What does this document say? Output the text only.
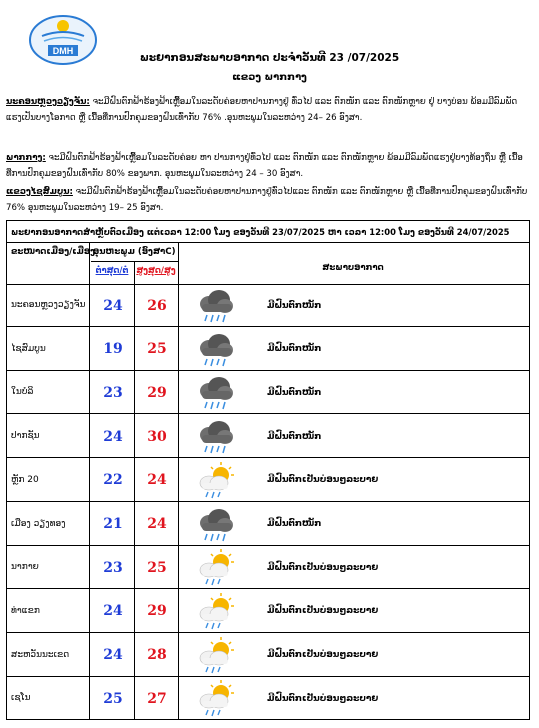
DMH
ພະຍາກອນສະພາບອາກາດ ປະຈຳວັນທີ 23 /07/2025
ແຂວງ ພາກກາງ
ນະຄອນຫຼວງວຽງຈັນ: ຈະມີຝົນຕົກຟ້າຮ້ອງຟ້າເຫຼື້ອມໃນລະດັບຄ່ອຍຫາປານກາງຢູ່ ທົ່ວໄປ ແລະ ຕົກໜັກ ແລະ ຕົກໜັກຫຼາຍ ຢູ່ ບາງບ່ອນ ພ້ອມມີລົມພັດແຮງເປັນບາງໂອກາດ ຫຼື ເນື້ອທີ່ການປົກຄຸມຂອງຝົນເທົ່າກັບ 76% .ອຸນຫະພູມໃນລະຫວ່າງ 24– 26 ອົງສາ.
ພາກກາງ: ຈະມີຝົນຕົກຟ້າຮ້ອງຟ້າເຫຼື້ອມໃນລະດັບຄ່ອຍ ຫາ ປານກາງຢູ່ທົ່ວໄປ ແລະ ຕົກໜັກ ແລະ ຕົກໜັກຫຼາຍ ພ້ອມມີລົມພັດແຮງຢູ່ບາງທ້ອງຖິ່ນ ຫຼື ເນື້ອທີ່ການປົກຄຸມຂອງຝົນເທົ່າກັບ 80% ຂອງພາກ. ອຸນຫະພູມໃນລະຫວ່າງ 24 – 30 ອົງສາ.
ແຂວງໄຊສົມບູນ: ຈະມີຝົນຕົກຟ້າຮ້ອງຟ້າເຫຼື້ອມໃນລະດັບຄ່ອຍຫາປານກາງຢູ່ທົ່ວໄປແລະ ຕົກໜັກ ແລະ ຕົກໜັກຫຼາຍ ຫຼື ເນື້ອທີ່ການປົກຄຸມຂອງຝົນເທົ່າກັບ 76% ອຸນຫະພູມໃນລະຫວ່າງ 19– 25 ອົງສາ.
ພະຍາກອນອາກາດສຳຫຼັບຕົວເມືອງ ແຕ່ເວລາ 12:00 ໂມງ ຂອງວັນທີ 23/07/2025 ຫາ ເວລາ 12:00 ໂມງ ຂອງວັນທີ 24/07/2025
ຂະໜາດເມືອງ/ເມືອງ
ອຸນຫະພູມ (ອົງສາC)
ຕໍ່າສຸດ/ຕໍ ສູງສຸດ/ສູງ	ສະພາບອາກາດ
ນະຄອນຫຼວງວຽງຈັນ	24	26	ມີຝົນຕົກໜັກ
ໄຊສົມບູນ	19	25	ມີຝົນຕົກໜັກ
ໃນບໍລິ	23	29	ມີຝົນຕົກໜັກ
ປາກຊັນ	24	30	ມີຝົນຕົກໜັກ
ຫຼັກ 20	22	24	ມີຝົນຕົກເປັນບ່ອນໆລະບາຍ
ເມືອງ ວຽງທອງ	21	24	ມີຝົນຕົກໜັກ
ນາກາຍ	23	25	ມີຝົນຕົກເປັນບ່ອນໆລະບາຍ
ທ່າແຂກ	24	29	ມີຝົນຕົກເປັນບ່ອນໆລະບາຍ
ສະຫວັນນະເຂດ	24	28	ມີຝົນຕົກເປັນບ່ອນໆລະບາຍ
ເຊໂນ	25	27	ມີຝົນຕົກເປັນບ່ອນໆລະບາຍ
